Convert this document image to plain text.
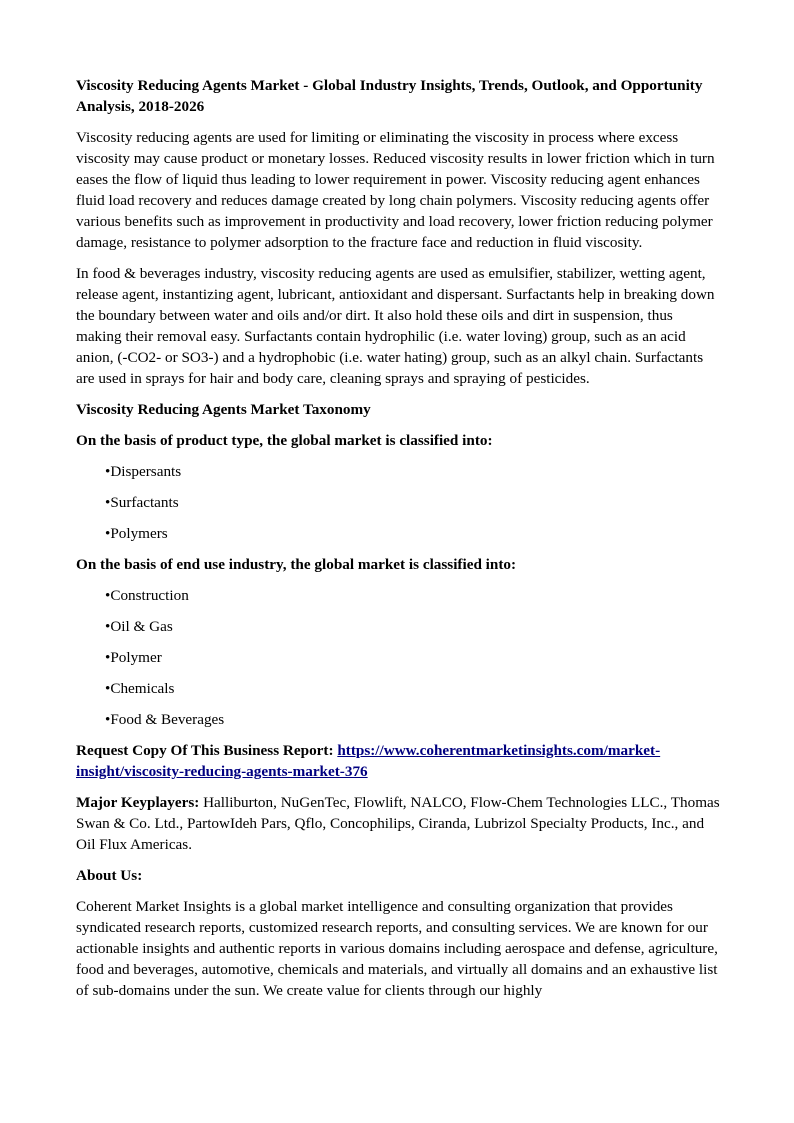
Viscosity Reducing Agents Market - Global Industry Insights, Trends, Outlook, and Opportunity Analysis, 2018-2026

Viscosity reducing agents are used for limiting or eliminating the viscosity in process where excess viscosity may cause product or monetary losses. Reduced viscosity results in lower friction which in turn eases the flow of liquid thus leading to lower requirement in power. Viscosity reducing agent enhances fluid load recovery and reduces damage created by long chain polymers. Viscosity reducing agents offer various benefits such as improvement in productivity and load recovery, lower friction reducing polymer damage, resistance to polymer adsorption to the fracture face and reduction in fluid viscosity.

In food & beverages industry, viscosity reducing agents are used as emulsifier, stabilizer, wetting agent, release agent, instantizing agent, lubricant, antioxidant and dispersant. Surfactants help in breaking down the boundary between water and oils and/or dirt. It also hold these oils and dirt in suspension, thus making their removal easy. Surfactants contain hydrophilic (i.e. water loving) group, such as an acid anion, (-CO2- or SO3-) and a hydrophobic (i.e. water hating) group, such as an alkyl chain. Surfactants are used in sprays for hair and body care, cleaning sprays and spraying of pesticides.

Viscosity Reducing Agents Market Taxonomy
On the basis of product type, the global market is classified into:
•Dispersants
•Surfactants
•Polymers
On the basis of end use industry, the global market is classified into:
•Construction
•Oil & Gas
•Polymer
•Chemicals
•Food & Beverages

Request Copy Of This Business Report: https://www.coherentmarketinsights.com/market-insight/viscosity-reducing-agents-market-376

Major Keyplayers: Halliburton, NuGenTec, Flowlift, NALCO, Flow-Chem Technologies LLC., Thomas Swan & Co. Ltd., PartowIdeh Pars, Qflo, Concophilips, Ciranda, Lubrizol Specialty Products, Inc., and Oil Flux Americas.

About Us:

Coherent Market Insights is a global market intelligence and consulting organization that provides syndicated research reports, customized research reports, and consulting services. We are known for our actionable insights and authentic reports in various domains including aerospace and defense, agriculture, food and beverages, automotive, chemicals and materials, and virtually all domains and an exhaustive list of sub-domains under the sun. We create value for clients through our highly
